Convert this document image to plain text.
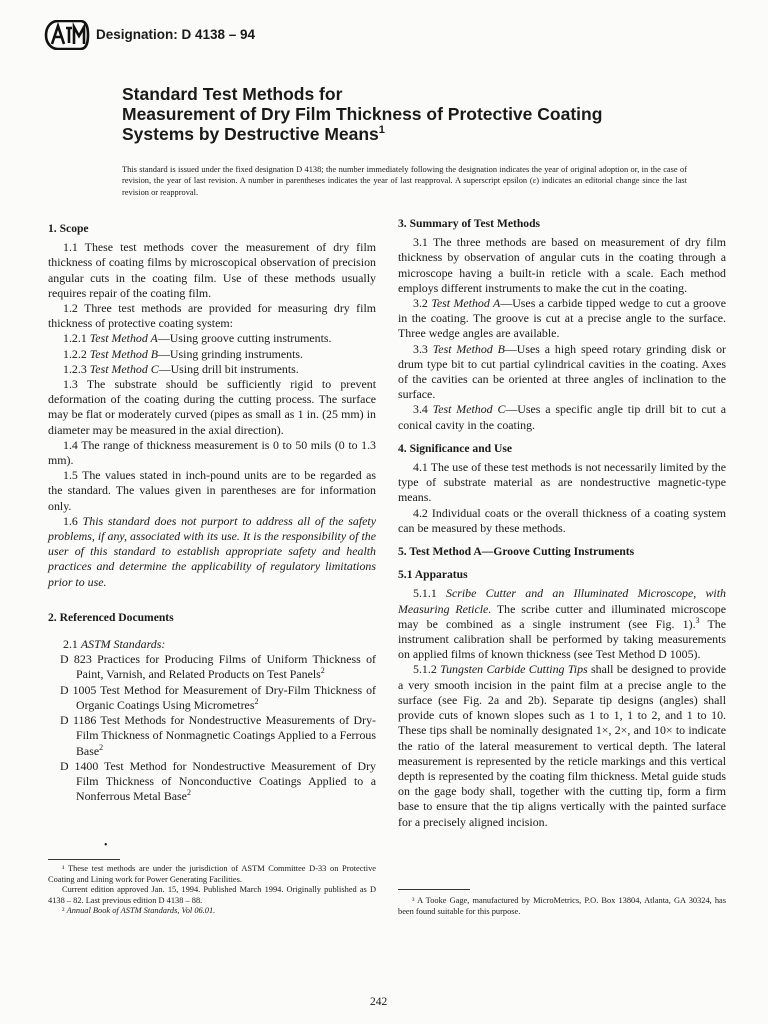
Designation: D 4138 – 94
Standard Test Methods for
Measurement of Dry Film Thickness of Protective Coating
Systems by Destructive Means$^1$
This standard is issued under the fixed designation D 4138; the number immediately following the designation indicates the year of original adoption or, in the case of revision, the year of last revision. A number in parentheses indicates the year of last reapproval. A superscript epsilon (ε) indicates an editorial change since the last revision or reapproval.
1. Scope

1.1 These test methods cover the measurement of dry film thickness of coating films by microscopical observation of precision angular cuts in the coating film. Use of these methods usually requires repair of the coating film.

1.2 Three test methods are provided for measuring dry film thickness of protective coating system:

1.2.1 Test Method A—Using groove cutting instruments.

1.2.2 Test Method B—Using grinding instruments.

1.2.3 Test Method C—Using drill bit instruments.

1.3 The substrate should be sufficiently rigid to prevent deformation of the coating during the cutting process. The surface may be flat or moderately curved (pipes as small as 1 in. (25 mm) in diameter may be measured in the axial direction).

1.4 The range of thickness measurement is 0 to 50 mils (0 to 1.3 mm).

1.5 The values stated in inch-pound units are to be regarded as the standard. The values given in parentheses are for information only.

1.6 This standard does not purport to address all of the safety problems, if any, associated with its use. It is the responsibility of the user of this standard to establish appropriate safety and health practices and determine the applicability of regulatory limitations prior to use.

2. Referenced Documents

2.1 ASTM Standards:

D 823 Practices for Producing Films of Uniform Thickness of Paint, Varnish, and Related Products on Test Panels$^2$

D 1005 Test Method for Measurement of Dry-Film Thickness of Organic Coatings Using Micrometres$^2$

D 1186 Test Methods for Nondestructive Measurements of Dry-Film Thickness of Nonmagnetic Coatings Applied to a Ferrous Base$^2$

D 1400 Test Method for Nondestructive Measurement of Dry Film Thickness of Nonconductive Coatings Applied to a Nonferrous Metal Base$^2$

¹ These test methods are under the jurisdiction of ASTM Committee D-33 on Protective Coating and Lining work for Power Generating Facilities.

Current edition approved Jan. 15, 1994. Published March 1994. Originally published as D 4138 – 82. Last previous edition D 4138 – 88.

² Annual Book of ASTM Standards, Vol 06.01.

3. Summary of Test Methods

3.1 The three methods are based on measurement of dry film thickness by observation of angular cuts in the coating through a microscope having a built-in reticle with a scale. Each method employs different instruments to make the cut in the coating.

3.2 Test Method A—Uses a carbide tipped wedge to cut a groove in the coating. The groove is cut at a precise angle to the surface. Three wedge angles are available.

3.3 Test Method B—Uses a high speed rotary grinding disk or drum type bit to cut partial cylindrical cavities in the coating. Axes of the cavities can be oriented at three angles of inclination to the surface.

3.4 Test Method C—Uses a specific angle tip drill bit to cut a conical cavity in the coating.

4. Significance and Use

4.1 The use of these test methods is not necessarily limited by the type of substrate material as are nondestructive magnetic-type means.

4.2 Individual coats or the overall thickness of a coating system can be measured by these methods.

5. Test Method A—Groove Cutting Instruments
5.1 Apparatus

5.1.1 Scribe Cutter and an Illuminated Microscope, with Measuring Reticle. The scribe cutter and illuminated microscope may be combined as a single instrument (see Fig. 1).$^3$ The instrument calibration shall be performed by taking measurements on applied films of known thickness (see Test Method D 1005).

5.1.2 Tungsten Carbide Cutting Tips shall be designed to provide a very smooth incision in the paint film at a precise angle to the surface (see Fig. 2a and 2b). Separate tip designs (angles) shall provide cuts of known slopes such as 1 to 1, 1 to 2, and 1 to 10. These tips shall be nominally designated 1×, 2×, and 10× to indicate the ratio of the lateral measurement to vertical depth. The lateral measurement is represented by the reticle markings and this vertical depth is represented by the coating film thickness. Metal guide studs on the gage body shall, together with the cutting tip, form a firm base to ensure that the tip aligns vertically with the painted surface for a precisely aligned incision.

³ A Tooke Gage, manufactured by MicroMetrics, P.O. Box 13804, Atlanta, GA 30324, has been found suitable for this purpose.

•
242
